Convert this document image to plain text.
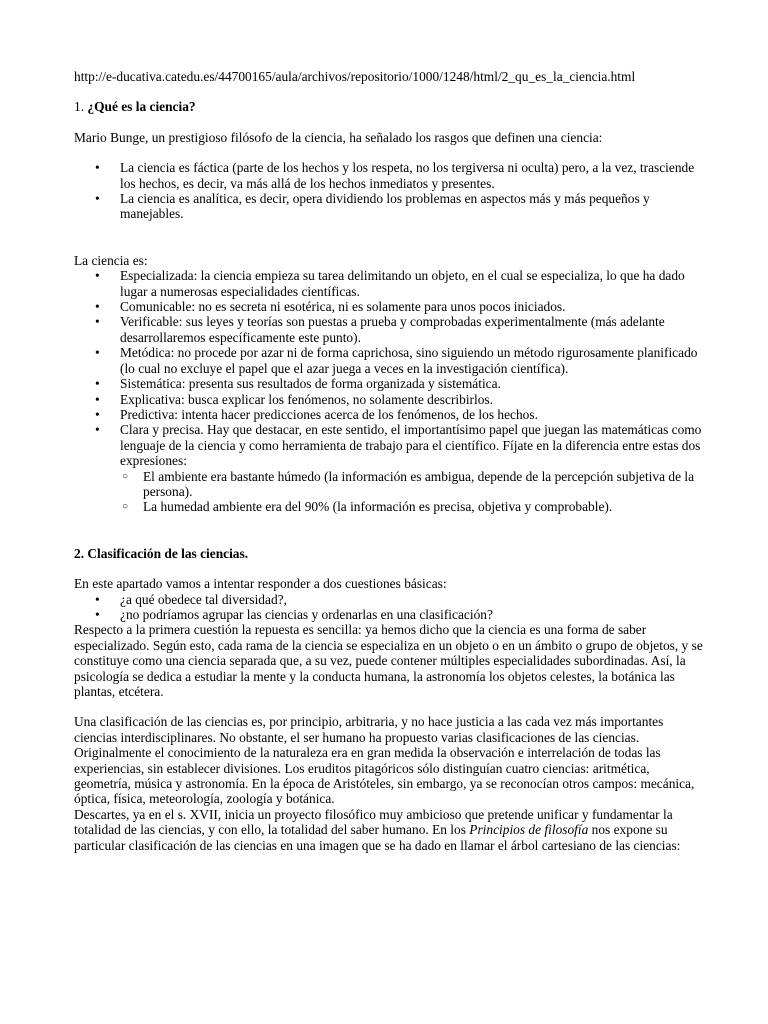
http://e-ducativa.catedu.es/44700165/aula/archivos/repositorio/1000/1248/html/2_qu_es_la_ciencia.html

1. ¿Qué es la ciencia?

Mario Bunge, un prestigioso filósofo de la ciencia, ha señalado los rasgos que definen una ciencia:

• La ciencia es fáctica (parte de los hechos y los respeta, no los tergiversa ni oculta) pero, a la vez, trasciende los hechos, es decir, va más allá de los hechos inmediatos y presentes.
• La ciencia es analítica, es decir, opera dividiendo los problemas en aspectos más y más pequeños y manejables.

La ciencia es:

• Especializada: la ciencia empieza su tarea delimitando un objeto, en el cual se especializa, lo que ha dado lugar a numerosas especialidades científicas.
• Comunicable: no es secreta ni esotérica, ni es solamente para unos pocos iniciados.
• Verificable: sus leyes y teorías son puestas a prueba y comprobadas experimentalmente (más adelante desarrollaremos específicamente este punto).
• Metódica: no procede por azar ni de forma caprichosa, sino siguiendo un método rigurosamente planificado (lo cual no excluye el papel que el azar juega a veces en la investigación científica).
• Sistemática: presenta sus resultados de forma organizada y sistemática.
• Explicativa: busca explicar los fenómenos, no solamente describirlos.
• Predictiva: intenta hacer predicciones acerca de los fenómenos, de los hechos.
• Clara y precisa. Hay que destacar, en este sentido, el importantísimo papel que juegan las matemáticas como lenguaje de la ciencia y como herramienta de trabajo para el científico. Fíjate en la diferencia entre estas dos expresiones:
○ El ambiente era bastante húmedo (la información es ambigua, depende de la percepción subjetiva de la persona).
○ La humedad ambiente era del 90% (la información es precisa, objetiva y comprobable).

2. Clasificación de las ciencias.

En este apartado vamos a intentar responder a dos cuestiones básicas:

• ¿a qué obedece tal diversidad?,
• ¿no podríamos agrupar las ciencias y ordenarlas en una clasificación?

Respecto a la primera cuestión la repuesta es sencilla: ya hemos dicho que la ciencia es una forma de saber especializado. Según esto, cada rama de la ciencia se especializa en un objeto o en un ámbito o grupo de objetos, y se constituye como una ciencia separada que, a su vez, puede contener múltiples especialidades subordinadas. Así, la psicología se dedica a estudiar la mente y la conducta humana, la astronomía los objetos celestes, la botánica las plantas, etcétera.

Una clasificación de las ciencias es, por principio, arbitraria, y no hace justicia a las cada vez más importantes ciencias interdisciplinares. No obstante, el ser humano ha propuesto varias clasificaciones de las ciencias. Originalmente el conocimiento de la naturaleza era en gran medida la observación e interrelación de todas las experiencias, sin establecer divisiones. Los eruditos pitagóricos sólo distinguían cuatro ciencias: aritmética, geometría, música y astronomía. En la época de Aristóteles, sin embargo, ya se reconocían otros campos: mecánica, óptica, física, meteorología, zoología y botánica.

Descartes, ya en el s. XVII, inicia un proyecto filosófico muy ambicioso que pretende unificar y fundamentar la totalidad de las ciencias, y con ello, la totalidad del saber humano. En los Principios de filosofía nos expone su particular clasificación de las ciencias en una imagen que se ha dado en llamar el árbol cartesiano de las ciencias:
